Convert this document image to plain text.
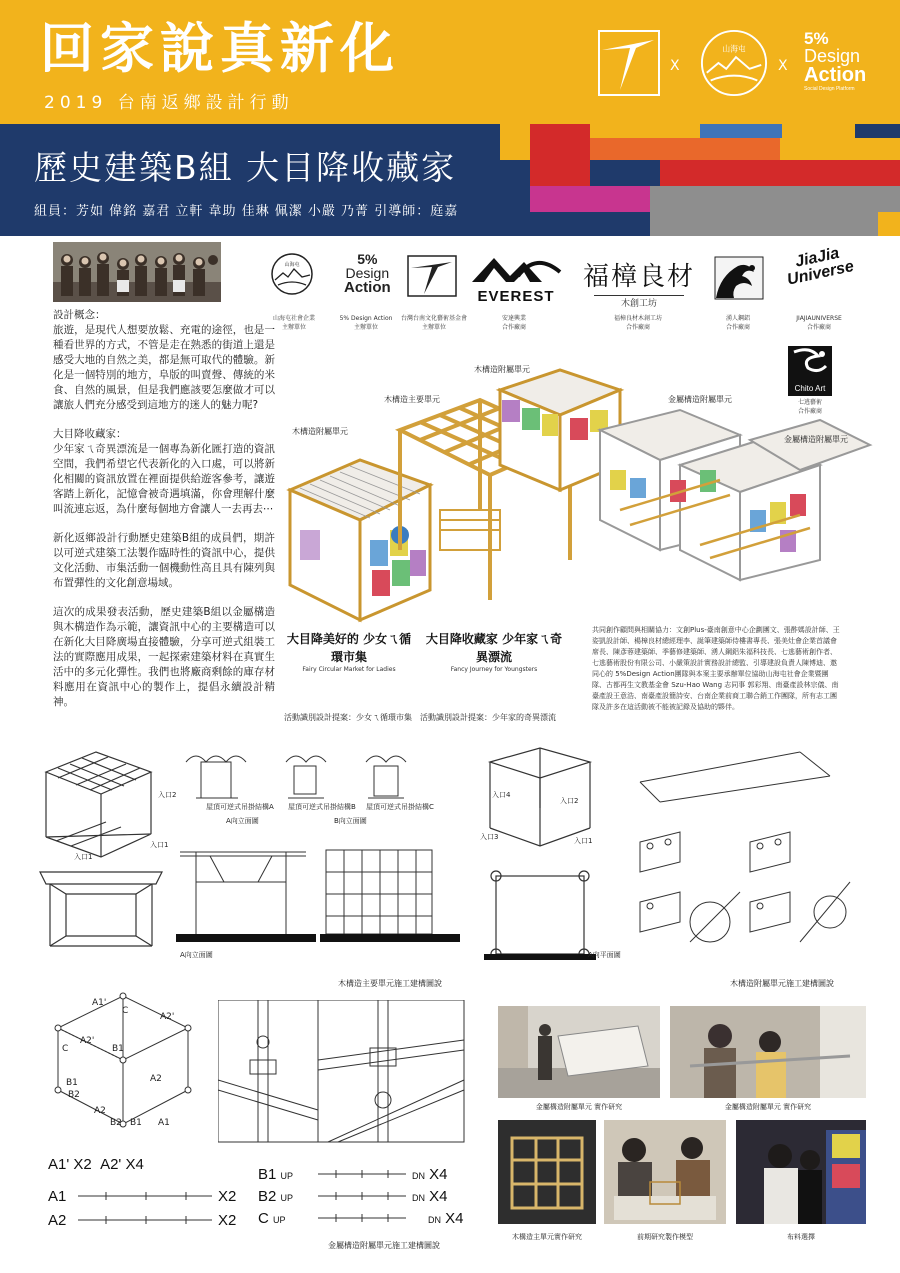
回家說真新化
2019 台南返鄉設計行動
X
山海屯
X
5%
Design
Action
Social Design Platform
歷史建築B組 大目降收藏家
組員：芳如 偉銘 嘉君 立軒 韋助 佳琳 佩潔 小嚴 乃菁 引導師：庭嘉

設計概念：
旅遊，是現代人想要放鬆、充電的途徑，也是一種看世界的方式，不管是走在熟悉的街道上還是感受大地的自然之美，都是無可取代的體驗。新化是一個特別的地方，阜版的叫賣聲、傳統的米食、自然的風景，但是我們應該要怎麼做才可以讓旅人們充分感受到這地方的迷人的魅力呢?

大目降收藏家：
少年家ㄟ奇異漂流是一個專為新化匯打造的資訊空間，我們希望它代表新化的入口處，可以將新化相關的資訊放置在裡面提供給遊客參考，讓遊客踏上新化，記憶會被奇遇填滿，你會理解什麼叫流連忘返，為什麼每個地方會讓人一去再去⋯

新化返鄉設計行動歷史建築B組的成員們，期許以可逆式建築工法製作臨時性的資訊中心，提供文化活動、市集活動一個機動性高且具有陳列與布置彈性的文化創意場域。

這次的成果發表活動，歷史建築B組以金屬構造與木構造作為示範，讓資訊中心的主要構造可以在新化大目降廣場直接體驗，分享可逆式組裝工法的實際應用成果，一起探索建築材料在真實生活中的多元化彈性。我們也將廠商剩餘的庫存材料應用在資訊中心的製作上，提倡永續設計精神。

山海屯	5%
Design
Action
EVEREST
福樟良材
木創工坊
JiaJia Universe
Chito Art
山海屯社會企業
主辦單位
5% Design Action
主辦單位
台灣台南文化藝術基金會
主辦單位
安達興業
合作廠商
福樟良材木創工坊
合作廠商
湧人鋼鋁
合作廠商
JIAJIAUNIVERSE
合作廠商
七逃藝術
合作廠商
木構造附屬單元
木構造主要單元
木構造附屬單元
金屬構造附屬單元
金屬構造附屬單元
大目降美好的 少女ㄟ循環市集
Fairy Circular Market for Ladies
大目降收藏家 少年家ㄟ奇異漂流
Fancy Journey for Youngsters
活動識別設計提案：少女ㄟ循環市集 活動識別設計提案：少年家的奇異漂流
共同創作顧問與相關協力：文創Plus-臺南創意中心企劃團文、張酢媽設計師、王姿凱設計師、楊樟良材總經理李、誕筆建築師侍樓書專長、張美灶會企業首議會席長、陳彥蓉建築師、季藝修建築師、湧人鋼鋁朱福科技長、七逃藝術創作者、七逃藝術股份有限公司、小嚴策設計實務設計總監、引導建設負責人陳博迪、邀同心的 5%Design Action團隊與本案主要承辦單位協助山海屯社會企業暨團隊、古都再生文教基金會 Szu-Hao Wang 志同事 郭彩翔、南臺產設林宗儀、南臺產設王意浩、南臺產設簡詩安、台南企業前商工聯合銷工作團隊，所有志工團隊及許多在這活動被不能被記錄及協助的夥伴。
入口2
入口1
入口1
屋頂可逆式吊掛結構A 屋頂可逆式吊掛結構B 屋頂可逆式吊掛結構C
A向立面圖	B向立面圖
A向立面圖
木構造主要單元施工建構圖說
入口4
入口2
入口3	入口1
A向平面圖
木構造附屬單元施工建構圖說
A1'
A2'
A2'
C
C
B1
B1
B2
B2 B1
A2
A2
A1
A1' X2 A2' X4
A1
A2
X2
X2
B1 UP
B2 UP
C UP
DN X4
DN X4
DN X4
金屬構造附屬單元施工建構圖說
金屬構造附屬單元 實作研究	金屬構造附屬單元 實作研究
木構造主單元實作研究	前期研究製作模型	布料選擇
